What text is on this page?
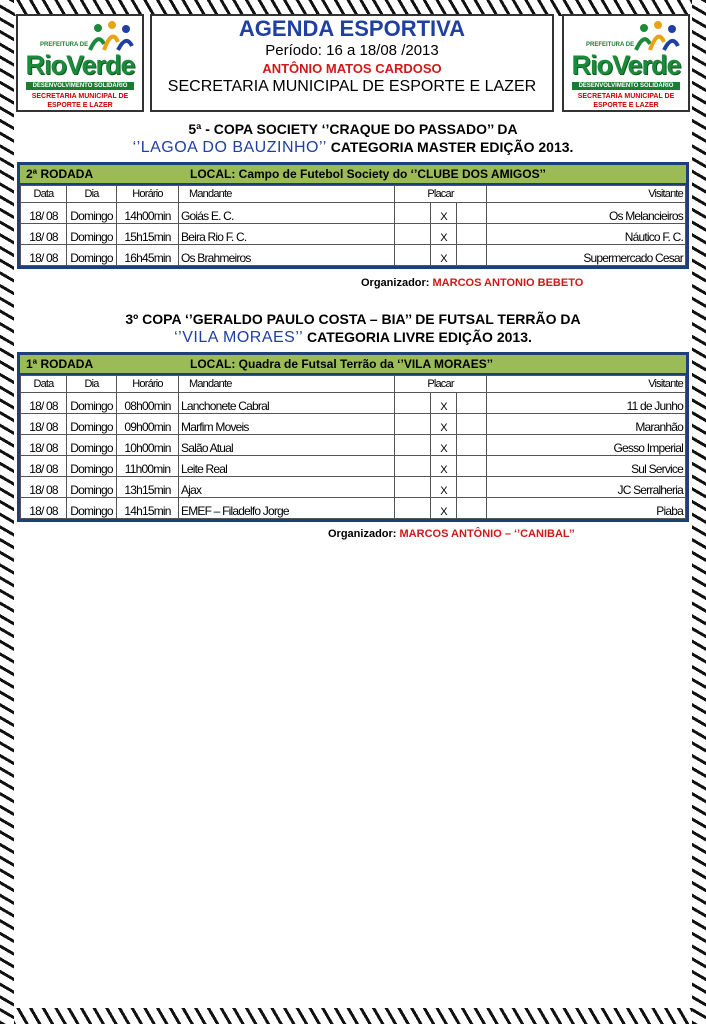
PREFEITURA DE
RioVerde
DESENVOLVIMENTO SOLIDÁRIO
SECRETARIA MUNICIPAL DE
ESPORTE E LAZER
AGENDA ESPORTIVA
Período: 16 a 18/08 /2013
ANTÔNIO MATOS CARDOSO
SECRETARIA MUNICIPAL DE ESPORTE E LAZER
PREFEITURA DE
RioVerde
DESENVOLVIMENTO SOLIDÁRIO
SECRETARIA MUNICIPAL DE
ESPORTE E LAZER
5ª - COPA SOCIETY ‘’CRAQUE DO PASSADO’’ DA
‘’LAGOA DO BAUZINHO’’ CATEGORIA MASTER EDIÇÃO 2013.
2ª RODADA	LOCAL: Campo de Futebol Society do ‘’CLUBE DOS AMIGOS’’
Data	Dia	Horário	Mandante	Placar			Visitante
18/ 08	Domingo	14h00min	Goiás E. C.		X		Os Melancieiros
18/ 08	Domingo	15h15min	Beira Rio F. C.		X		Náutico F. C.
18/ 08	Domingo	16h45min	Os Brahmeiros		X		Supermercado Cesar
Organizador: MARCOS ANTONIO BEBETO
3º COPA ‘’GERALDO PAULO COSTA – BIA’’ DE FUTSAL TERRÃO DA
‘’VILA MORAES’’ CATEGORIA LIVRE EDIÇÃO 2013.
1ª RODADA	LOCAL: Quadra de Futsal Terrão da ‘’VILA MORAES’’
Data	Dia	Horário	Mandante	Placar			Visitante
18/ 08	Domingo	08h00min	Lanchonete Cabral		X		11 de Junho
18/ 08	Domingo	09h00min	Marfim Moveis		X		Maranhão
18/ 08	Domingo	10h00min	Salão Atual		X		Gesso Imperial
18/ 08	Domingo	11h00min	Leite Real		X		Sul Service
18/ 08	Domingo	13h15min	Ajax		X		JC Serralheria
18/ 08	Domingo	14h15min	EMEF – Filadelfo Jorge		X		Piaba
Organizador: MARCOS ANTÔNIO – ‘’CANIBAL’’
